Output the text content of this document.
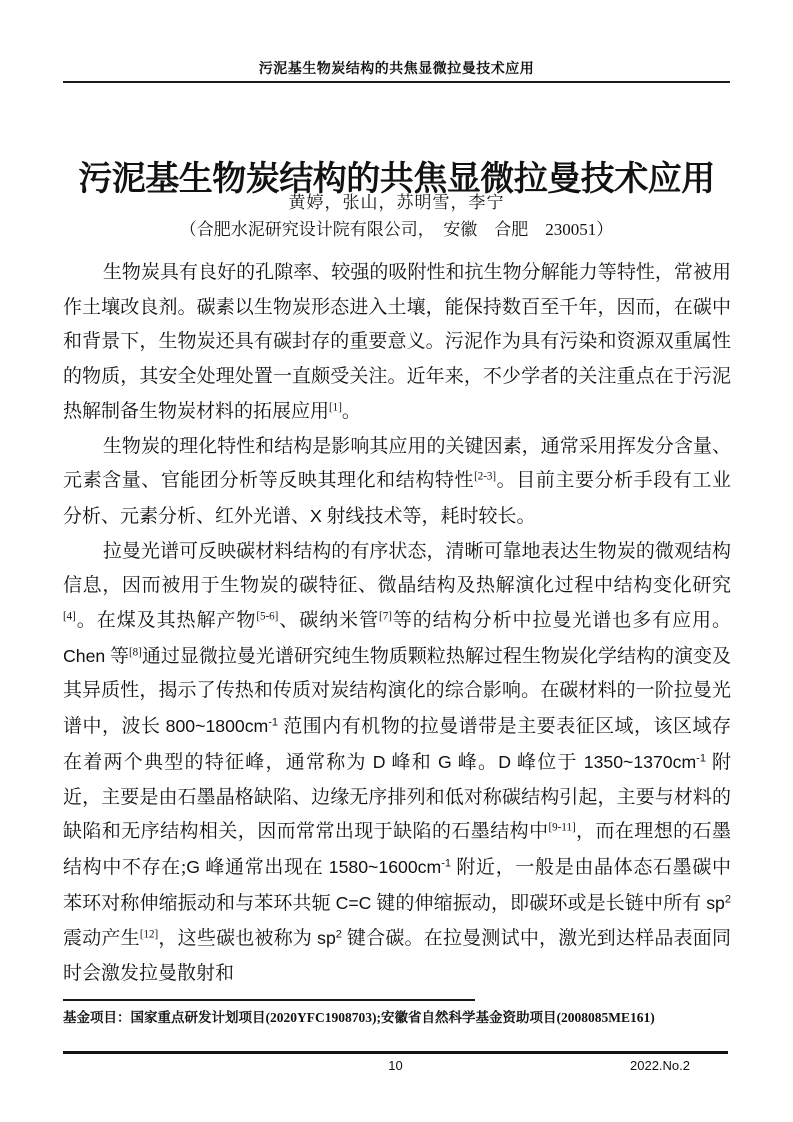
污泥基生物炭结构的共焦显微拉曼技术应用
污泥基生物炭结构的共焦显微拉曼技术应用
黄婷，张山，苏明雪，李宁
（合肥水泥研究设计院有限公司，　安徽　合肥　230051）

生物炭具有良好的孔隙率、较强的吸附性和抗生物分解能力等特性，常被用作土壤改良剂。碳素以生物炭形态进入土壤，能保持数百至千年，因而，在碳中和背景下，生物炭还具有碳封存的重要意义。污泥作为具有污染和资源双重属性的物质，其安全处理处置一直颇受关注。近年来，不少学者的关注重点在于污泥热解制备生物炭材料的拓展应用[1]。

生物炭的理化特性和结构是影响其应用的关键因素，通常采用挥发分含量、元素含量、官能团分析等反映其理化和结构特性[2-3]。目前主要分析手段有工业分析、元素分析、红外光谱、X 射线技术等，耗时较长。

拉曼光谱可反映碳材料结构的有序状态，清晰可靠地表达生物炭的微观结构信息，因而被用于生物炭的碳特征、微晶结构及热解演化过程中结构变化研究[4]。在煤及其热解产物[5-6]、碳纳米管[7]等的结构分析中拉曼光谱也多有应用。Chen 等[8]通过显微拉曼光谱研究纯生物质颗粒热解过程生物炭化学结构的演变及其异质性，揭示了传热和传质对炭结构演化的综合影响。在碳材料的一阶拉曼光谱中，波长 $800\sim 1800cm^{-1}$ 范围内有机物的拉曼谱带是主要表征区域，该区域存在着两个典型的特征峰，通常称为 D 峰和 G 峰。D 峰位于 $1350\sim 1370cm^{-1}$ 附近，主要是由石墨晶格缺陷、边缘无序排列和低对称碳结构引起，主要与材料的缺陷和无序结构相关，因而常常出现于缺陷的石墨结构中[9-11]，而在理想的石墨结构中不存在;G 峰通常出现在 $1580\sim 1600cm^{-1}$ 附近，一般是由晶体态石墨碳中苯环对称伸缩振动和与苯环共轭 C=C 键的伸缩振动，即碳环或是长链中所有 $sp^2$ 震动产生[12]，这些碳也被称为 $sp^2$ 键合碳。在拉曼测试中，激光到达样品表面同时会激发拉曼散射和

基金项目：国家重点研发计划项目(2020YFC1908703);安徽省自然科学基金资助项目(2008085ME161)
10	2022.No.2
